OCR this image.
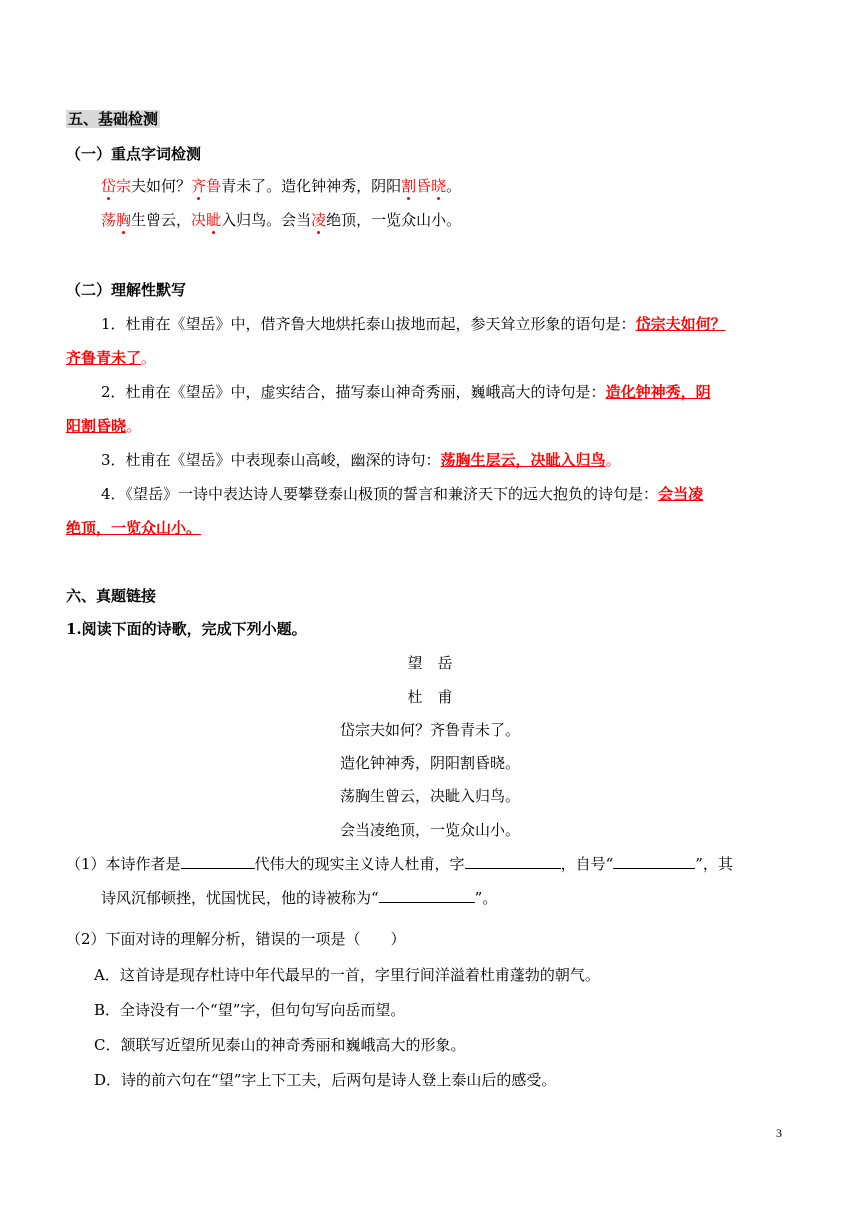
五、基础检测
（一）重点字词检测
岱宗夫如何？齐鲁青未了。造化钟神秀，阴阳割昏晓。
荡胸生曾云，决眦入归鸟。会当凌绝顶，一览众山小。
（二）理解性默写
1．杜甫在《望岳》中，借齐鲁大地烘托泰山拔地而起，参天耸立形象的语句是：岱宗夫如何？
齐鲁青未了。
2．杜甫在《望岳》中，虚实结合，描写泰山神奇秀丽，巍峨高大的诗句是：造化钟神秀，阴
阳割昏晓。
3．杜甫在《望岳》中表现泰山高峻，幽深的诗句：荡胸生层云，决眦入归鸟。
4．《望岳》一诗中表达诗人要攀登泰山极顶的誓言和兼济天下的远大抱负的诗句是：会当凌
绝顶，一览众山小。
六、真题链接
1.阅读下面的诗歌，完成下列小题。
望　岳
杜　甫
岱宗夫如何？齐鲁青未了。
造化钟神秀，阴阳割昏晓。
荡胸生曾云，决眦入归鸟。
会当凌绝顶，一览众山小。
（1）本诗作者是	代伟大的现实主义诗人杜甫，字	，自号“	”，其
诗风沉郁顿挫，忧国忧民，他的诗被称为“	”。
（2）下面对诗的理解分析，错误的一项是（　　）
A．这首诗是现存杜诗中年代最早的一首，字里行间洋溢着杜甫蓬勃的朝气。
B．全诗没有一个“望”字，但句句写向岳而望。
C．颔联写近望所见泰山的神奇秀丽和巍峨高大的形象。
D．诗的前六句在“望”字上下工夫，后两句是诗人登上泰山后的感受。
3
